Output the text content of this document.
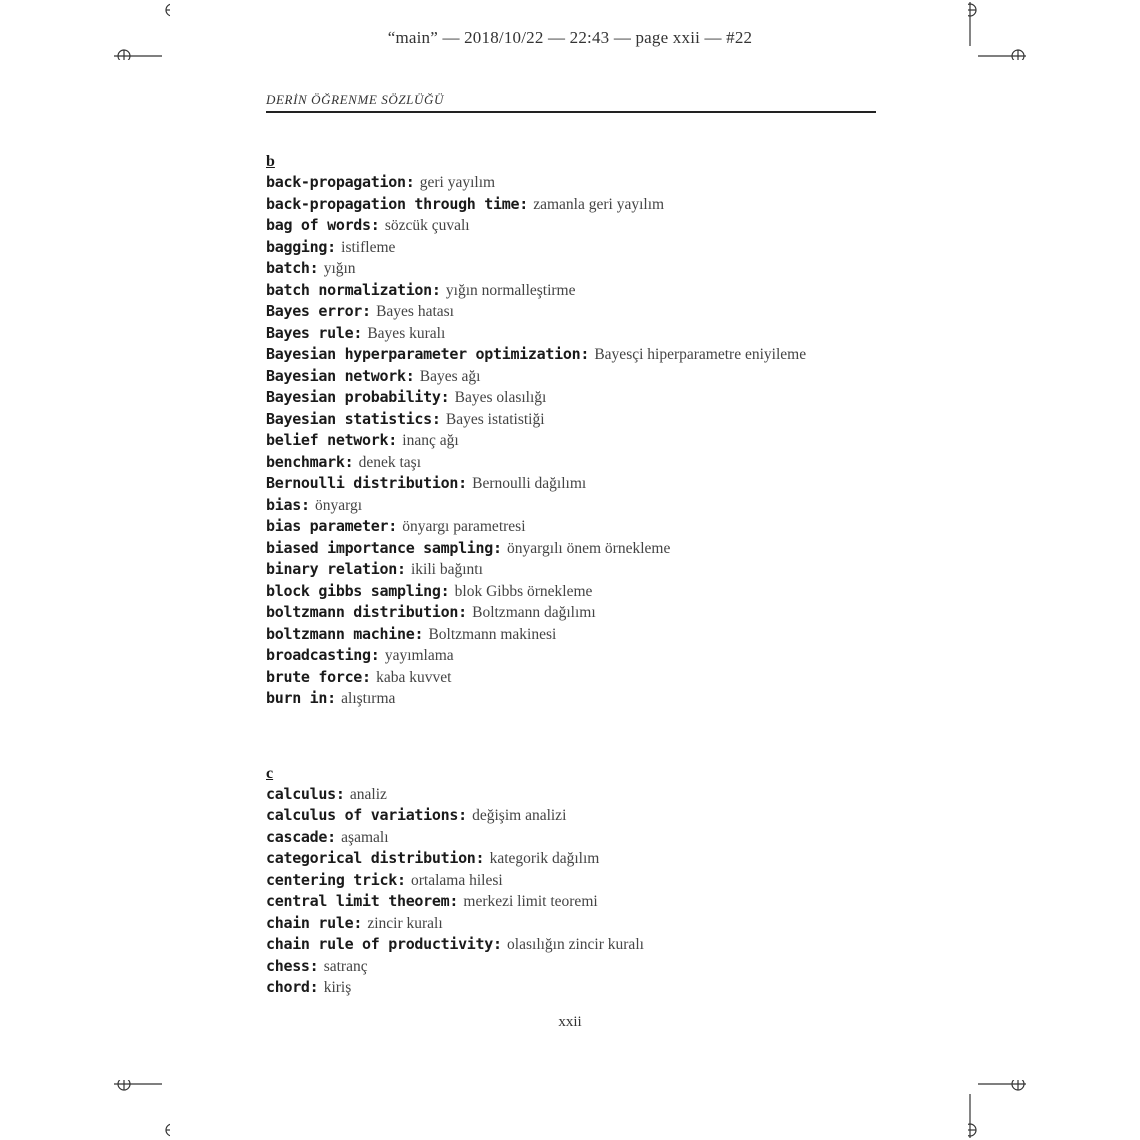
“main” — 2018/10/22 — 22:43 — page xxii — #22
DERİN ÖĞRENME SÖZLÜĞÜ
b
back-propagation: geri yayılım
back-propagation through time: zamanla geri yayılım
bag of words: sözcük çuvalı
bagging: istifleme
batch: yığın
batch normalization: yığın normalleştirme
Bayes error: Bayes hatası
Bayes rule: Bayes kuralı
Bayesian hyperparameter optimization: Bayesçi hiperparametre eniyileme
Bayesian network: Bayes ağı
Bayesian probability: Bayes olasılığı
Bayesian statistics: Bayes istatistiği
belief network: inanç ağı
benchmark: denek taşı
Bernoulli distribution: Bernoulli dağılımı
bias: önyargı
bias parameter: önyargı parametresi
biased importance sampling: önyargılı önem örnekleme
binary relation: ikili bağıntı
block gibbs sampling: blok Gibbs örnekleme
boltzmann distribution: Boltzmann dağılımı
boltzmann machine: Boltzmann makinesi
broadcasting: yayımlama
brute force: kaba kuvvet
burn in: alıştırma
c
calculus: analiz
calculus of variations: değişim analizi
cascade: aşamalı
categorical distribution: kategorik dağılım
centering trick: ortalama hilesi
central limit theorem: merkezi limit teoremi
chain rule: zincir kuralı
chain rule of productivity: olasılığın zincir kuralı
chess: satranç
chord: kiriş
xxii
